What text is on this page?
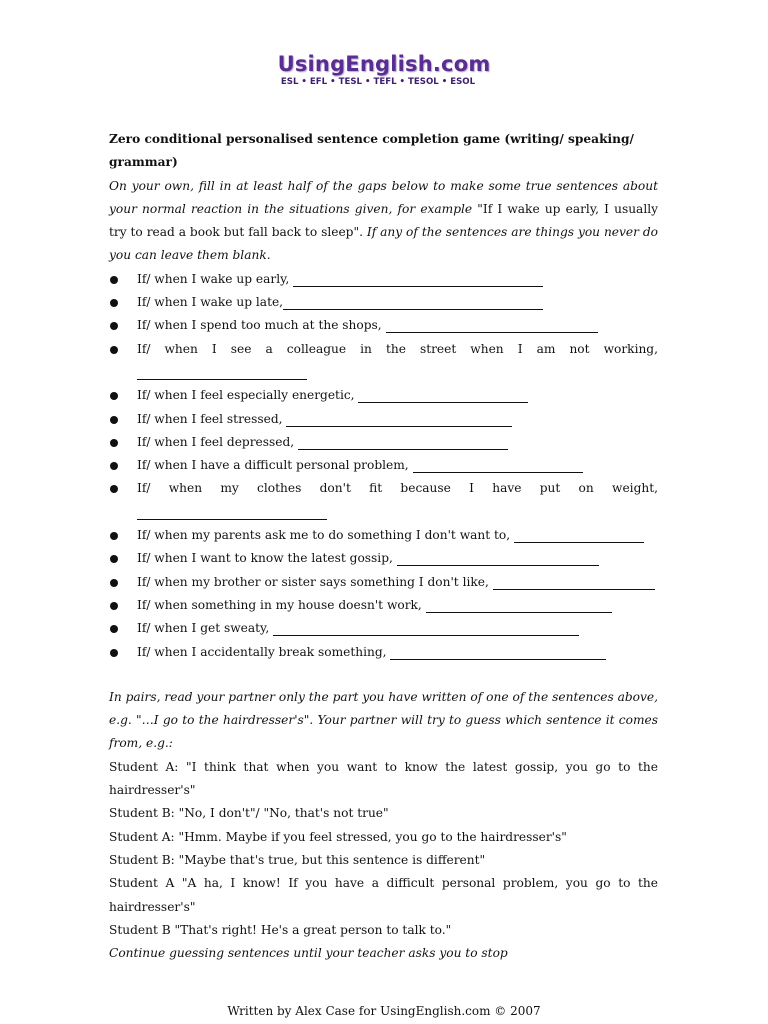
UsingEnglish.com
ESL • EFL • TESL • TEFL • TESOL • ESOL
Zero conditional personalised sentence completion game (writing/ speaking/ grammar)
On your own, fill in at least half of the gaps below to make some true sentences about your normal reaction in the situations given, for example "If I wake up early, I usually try to read a book but fall back to sleep". If any of the sentences are things you never do you can leave them blank.
If/ when I wake up early,
If/ when I wake up late,
If/ when I spend too much at the shops,
If/ when I see a colleague in the street when I am not working,
If/ when I feel especially energetic,
If/ when I feel stressed,
If/ when I feel depressed,
If/ when I have a difficult personal problem,
If/ when my clothes don't fit because I have put on weight,
If/ when my parents ask me to do something I don't want to,
If/ when I want to know the latest gossip,
If/ when my brother or sister says something I don't like,
If/ when something in my house doesn't work,
If/ when I get sweaty,
If/ when I accidentally break something,
In pairs, read your partner only the part you have written of one of the sentences above, e.g. "…I go to the hairdresser's". Your partner will try to guess which sentence it comes from, e.g.:

Student A: "I think that when you want to know the latest gossip, you go to the hairdresser's"

Student B: "No, I don't"/ "No, that's not true"

Student A: "Hmm. Maybe if you feel stressed, you go to the hairdresser's"

Student B: "Maybe that's true, but this sentence is different"

Student A "A ha, I know! If you have a difficult personal problem, you go to the hairdresser's"

Student B "That's right! He's a great person to talk to."

Continue guessing sentences until your teacher asks you to stop
Written by Alex Case for UsingEnglish.com © 2007
